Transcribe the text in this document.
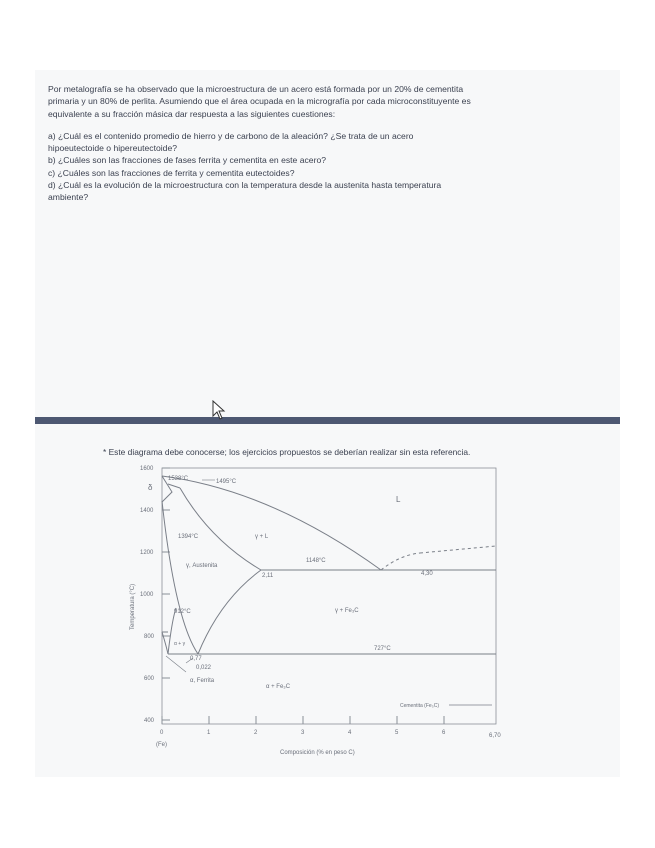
Por metalografía se ha observado que la microestructura de un acero está formada por un 20% de cementita

primaria y un 80% de perlita. Asumiendo que el área ocupada en la micrografía por cada microconstituyente es

equivalente a su fracción másica dar respuesta a las siguientes cuestiones:

a) ¿Cuál es el contenido promedio de hierro y de carbono de la aleación? ¿Se trata de un acero

hipoeutectoide o hipereutectoide?

b) ¿Cuáles son las fracciones de fases ferrita y cementita en este acero?

c) ¿Cuáles son las fracciones de ferrita y cementita eutectoides?

d) ¿Cuál es la evolución de la microestructura con la temperatura desde la austenita hasta temperatura

ambiente?

* Este diagrama debe conocerse; los ejercicios propuestos se deberían realizar sin esta referencia.
1600
1400
1200
1000
800
600
400
Temperatura (°C)
0	1	2	3	4	5	6	6,70
(Fe)
Composición (% en peso C)
δ
1538°C	1495°C
1394°C	γ + L
L
1148°C
γ, Austenita
2,11	4,30
912°C	γ + Fe₃C
727°C
α + γ
0,77
0,022
α, Ferrita
α + Fe₃C
Cementita (Fe₃C)
